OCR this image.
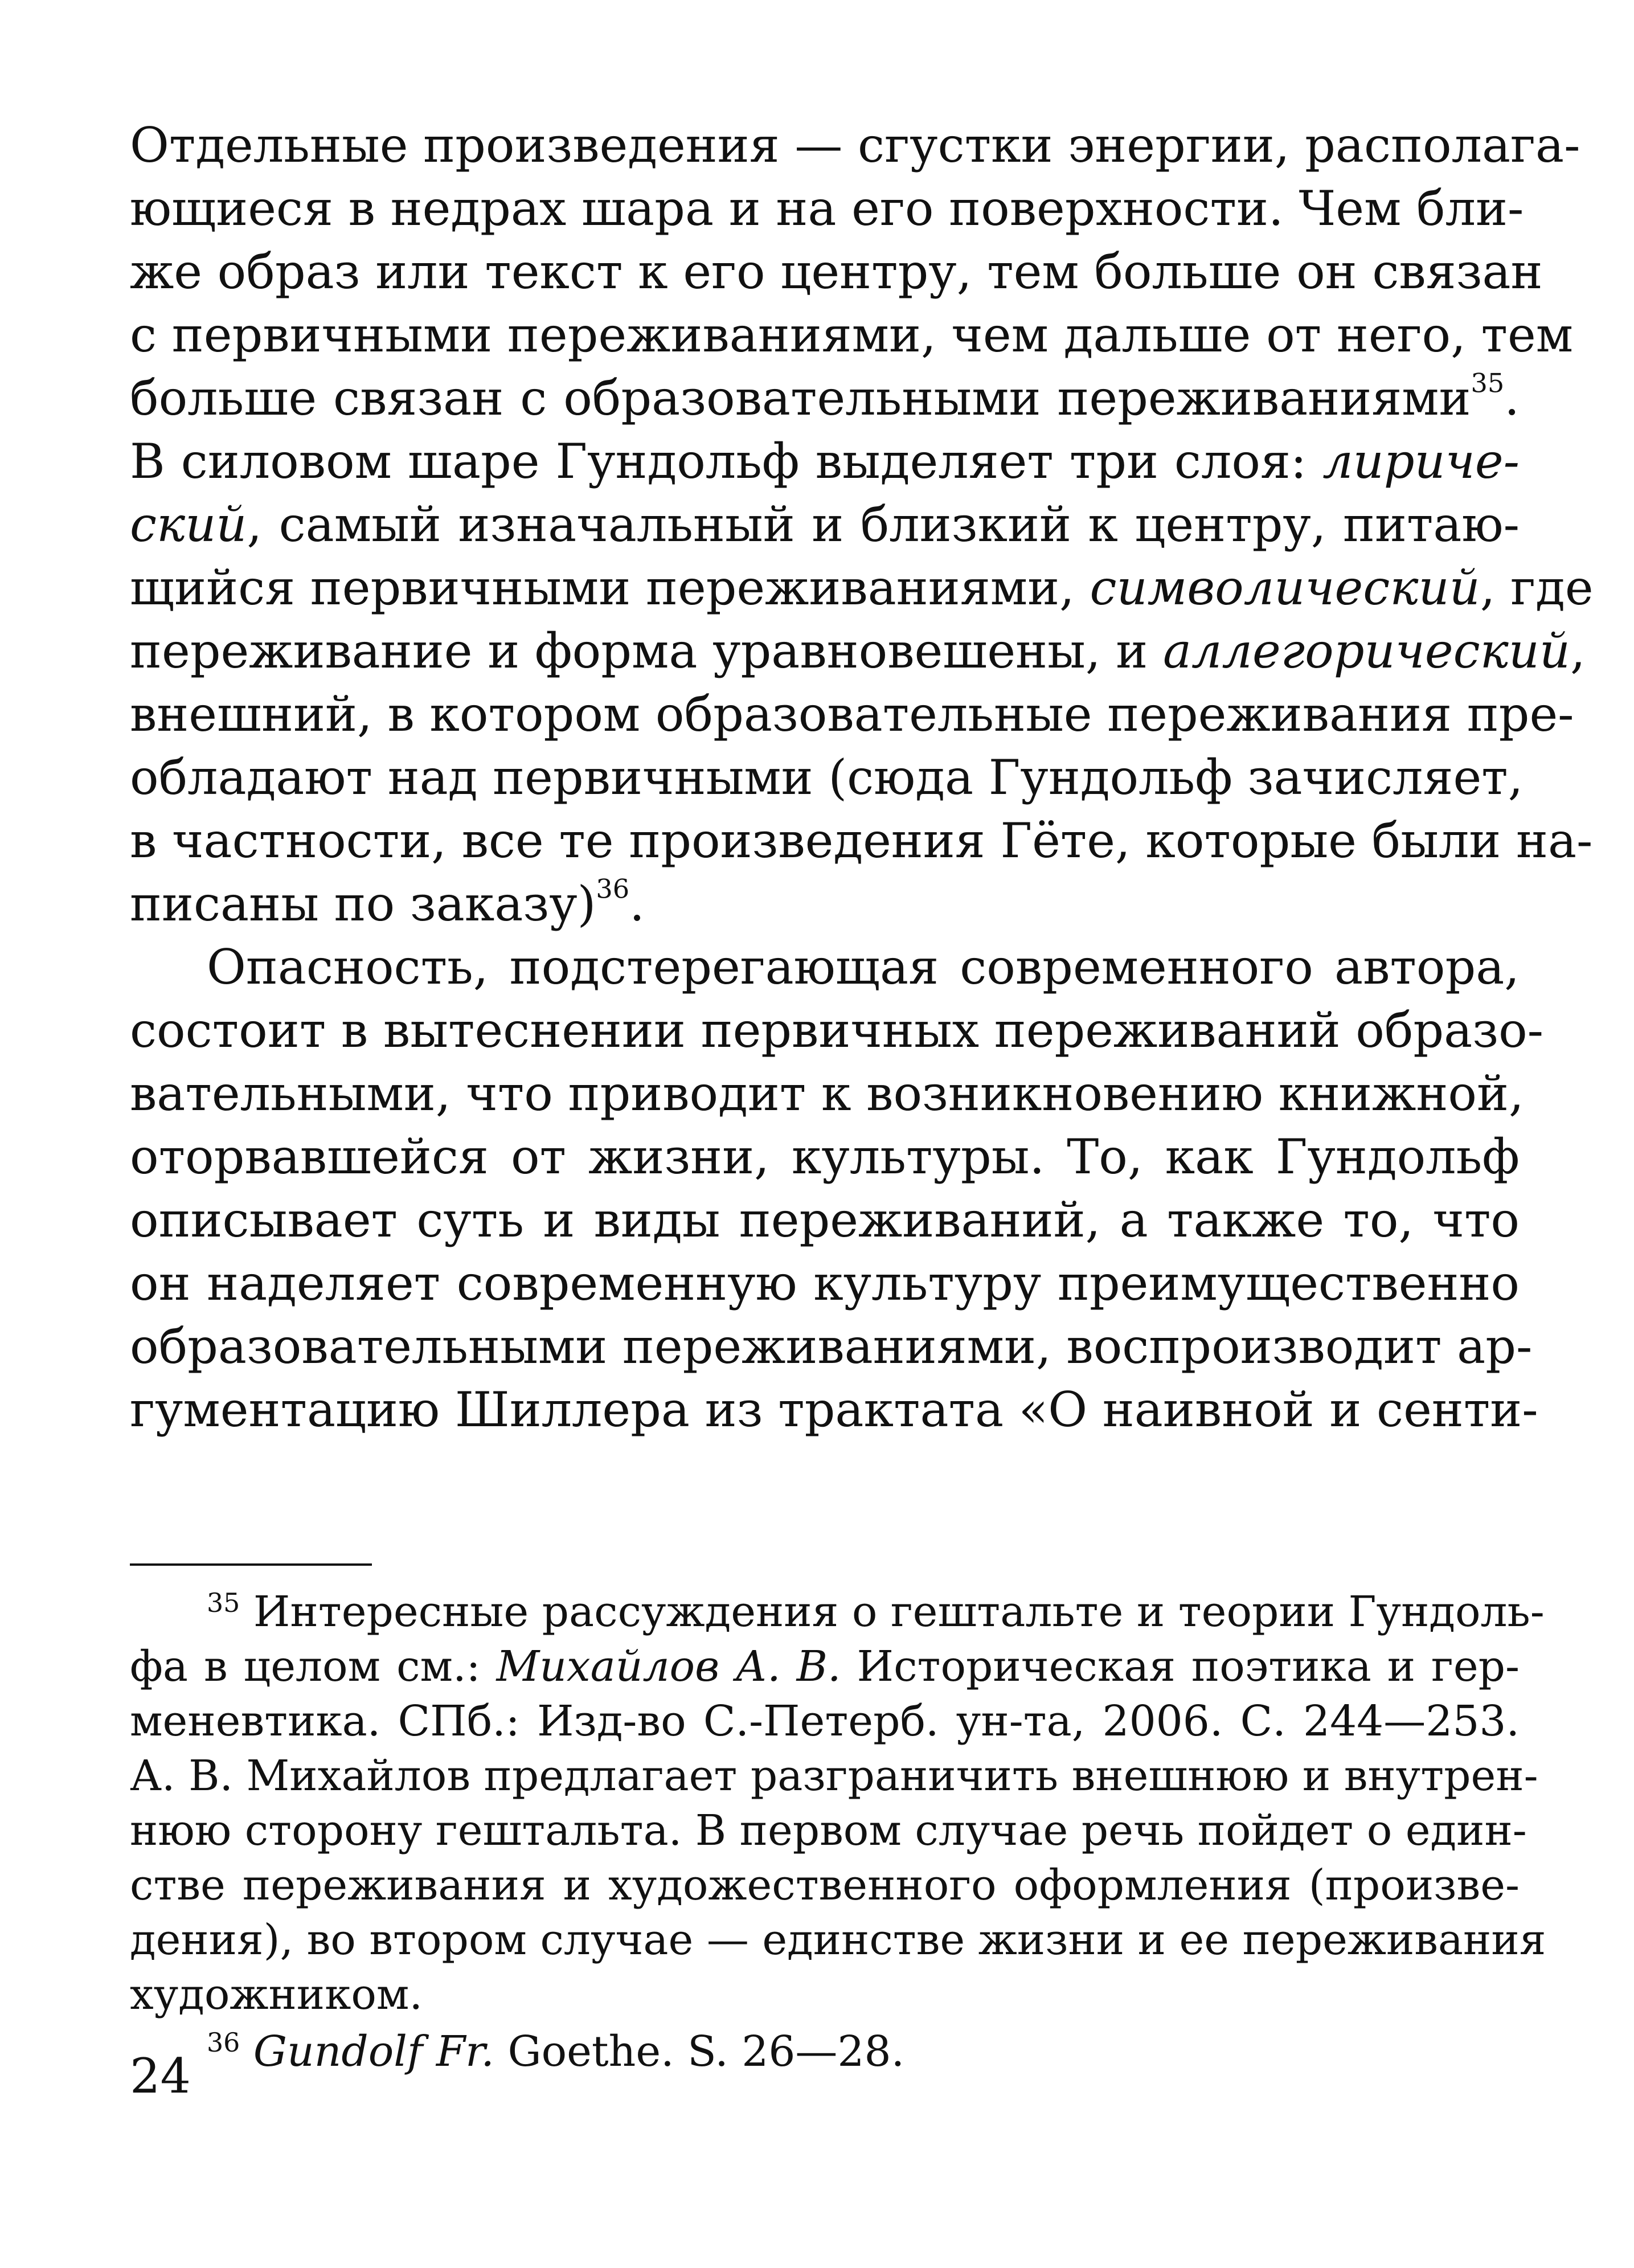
Отдельные произведения — сгустки энергии, располага-
ющиеся в недрах шара и на его поверхности. Чем бли-
же образ или текст к его центру, тем больше он связан
с первичными переживаниями, чем дальше от него, тем
больше связан с образовательными переживаниями$^{35}$.
В силовом шаре Гундольф выделяет три слоя: лириче-
ский, самый изначальный и близкий к центру, питаю-
щийся первичными переживаниями, символический, где
переживание и форма уравновешены, и аллегорический,
внешний, в котором образовательные переживания пре-
обладают над первичными (сюда Гундольф зачисляет,
в частности, все те произведения Гёте, которые были на-
писаны по заказу)$^{36}$.

Опасность, подстерегающая современного автора,
состоит в вытеснении первичных переживаний образо-
вательными, что приводит к возникновению книжной,
оторвавшейся от жизни, культуры. То, как Гундольф
описывает суть и виды переживаний, а также то, что
он наделяет современную культуру преимущественно
образовательными переживаниями, воспроизводит ар-
гументацию Шиллера из трактата «О наивной и сенти-

$^{35}$ Интересные рассуждения о гештальте и теории Гундоль-
фа в целом см.: Михайлов А. В. Историческая поэтика и гер-
меневтика. СПб.: Изд-во С.-Петерб. ун-та, 2006. С. 244—253.
А. В. Михайлов предлагает разграничить внешнюю и внутрен-
нюю сторону гештальта. В первом случае речь пойдет о един-
стве переживания и художественного оформления (произве-
дения), во втором случае — единстве жизни и ее переживания
художником.

$^{36}$ Gundolf Fr. Goethe. S. 26—28.

24
